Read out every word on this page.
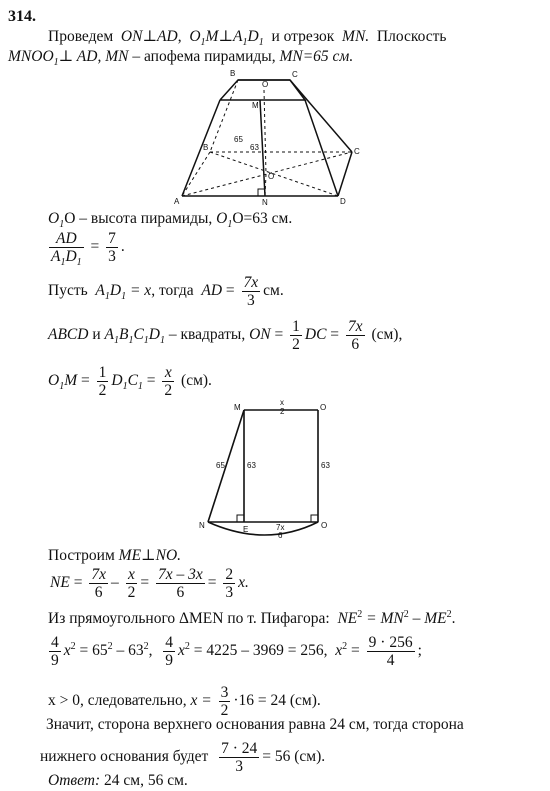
314.
Проведем ON⊥AD, $O_1M\perp A_1D_1$ и отрезок MN. Плоскость
$MNOO_1\perp$ AD, MN – апофема пирамиды, MN=65 см.
B
O
C
B	C
O
D
A	N
M
65
63
$O_1O$ – высота пирамиды, $O_1O=63$ см.
$\frac{AD}{A_1D_1} = \frac{7}{3}$ .
Пусть $A_1D_1 = x$, тогда AD = $\frac{7x}{3}$ см.
ABCD и $A_1B_1C_1D_1$ – квадраты, ON = $\frac{1}{2}$ DC = $\frac{7x}{6} (см)$,
$O_1M = \frac{1}{2} D_1C_1 = \frac{x}{2} (см)$.
M	O
N	E	O
x
2
65	63	63
7x
6
Построим ME⊥NO.
NE = $\frac{7x}{6} - \frac{x}{2} = \frac{7x - 3x}{6} = \frac{2}{3} x$.
Из прямоугольного ΔMEN по т. Пифагора: $NE^2 = MN^2 - ME^2$.
$\frac{4}{9} x^2 = 65^2 - 63^2$, $\frac{4}{9} x^2 = 4225 - 3969 = 256$, $x^2 = \frac{9 \cdot 256}{4}$ ;
x > 0, следовательно, $x = \frac{3}{2} \cdot 16 = 24$ (см).
Значит, сторона верхнего основания равна 24 см, тогда сторона
нижнего основания будет $\frac{7 \cdot 24}{3} = 56$ (см).
Ответ: 24 см, 56 см.
